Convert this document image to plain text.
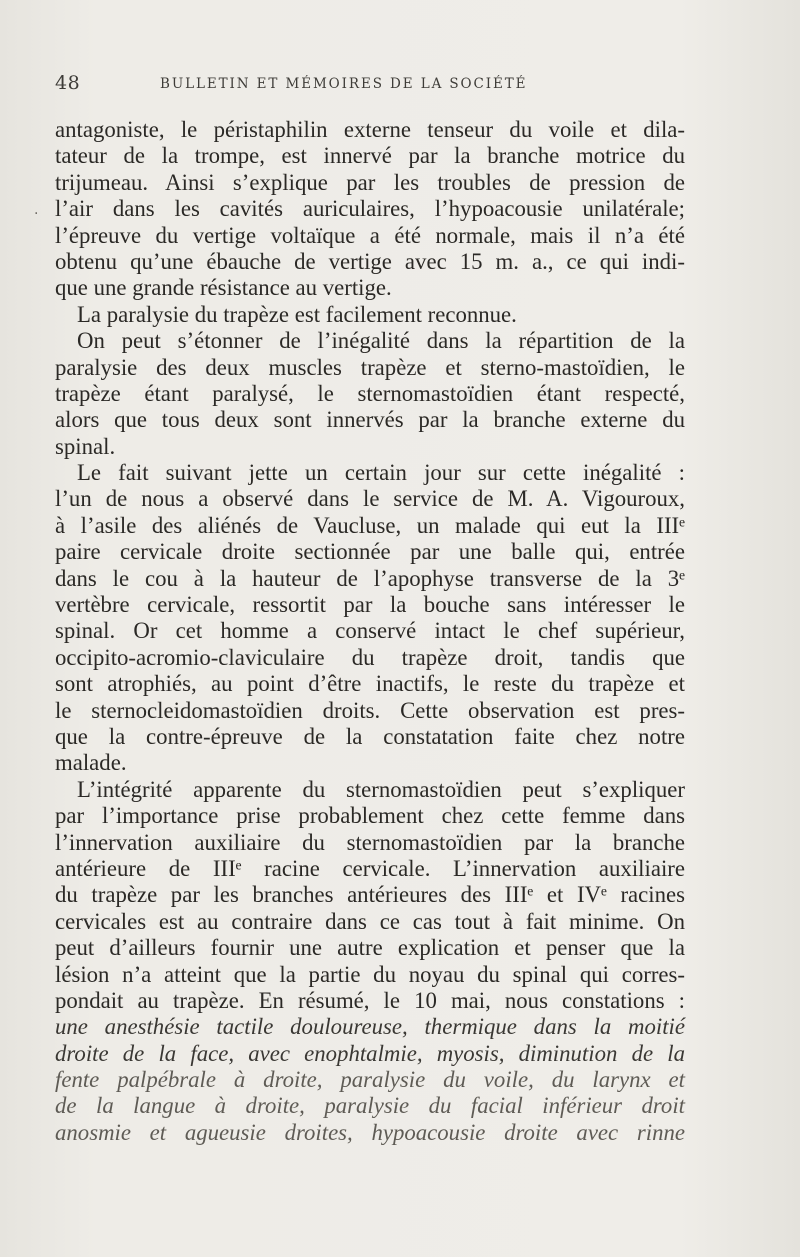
48	BULLETIN ET MÉMOIRES DE LA SOCIÉTÉ
·
antagoniste, le péristaphilin externe tenseur du voile et dila-
tateur de la trompe, est innervé par la branche motrice du
trijumeau. Ainsi s’explique par les troubles de pression de
l’air dans les cavités auriculaires, l’hypoacousie unilatérale;
l’épreuve du vertige voltaïque a été normale, mais il n’a été
obtenu qu’une ébauche de vertige avec 15 m. a., ce qui indi-
que une grande résistance au vertige.
La paralysie du trapèze est facilement reconnue.
On peut s’étonner de l’inégalité dans la répartition de la
paralysie des deux muscles trapèze et sterno-mastoïdien, le
trapèze étant paralysé, le sternomastoïdien étant respecté,
alors que tous deux sont innervés par la branche externe du
spinal.
Le fait suivant jette un certain jour sur cette inégalité :
l’un de nous a observé dans le service de M. A. Vigouroux,
à l’asile des aliénés de Vaucluse, un malade qui eut la IIIᵉ
paire cervicale droite sectionnée par une balle qui, entrée
dans le cou à la hauteur de l’apophyse transverse de la 3ᵉ
vertèbre cervicale, ressortit par la bouche sans intéresser le
spinal. Or cet homme a conservé intact le chef supérieur,
occipito-acromio-claviculaire du trapèze droit, tandis que
sont atrophiés, au point d’être inactifs, le reste du trapèze et
le sternocleidomastoïdien droits. Cette observation est pres-
que la contre-épreuve de la constatation faite chez notre
malade.
L’intégrité apparente du sternomastoïdien peut s’expliquer
par l’importance prise probablement chez cette femme dans
l’innervation auxiliaire du sternomastoïdien par la branche
antérieure de IIIᵉ racine cervicale. L’innervation auxiliaire
du trapèze par les branches antérieures des IIIᵉ et IVᵉ racines
cervicales est au contraire dans ce cas tout à fait minime. On
peut d’ailleurs fournir une autre explication et penser que la
lésion n’a atteint que la partie du noyau du spinal qui corres-
pondait au trapèze. En résumé, le 10 mai, nous constations :
une anesthésie tactile douloureuse, thermique dans la moitié
droite de la face, avec enophtalmie, myosis, diminution de la
fente palpébrale à droite, paralysie du voile, du larynx et
de la langue à droite, paralysie du facial inférieur droit
anosmie et agueusie droites, hypoacousie droite avec rinne
